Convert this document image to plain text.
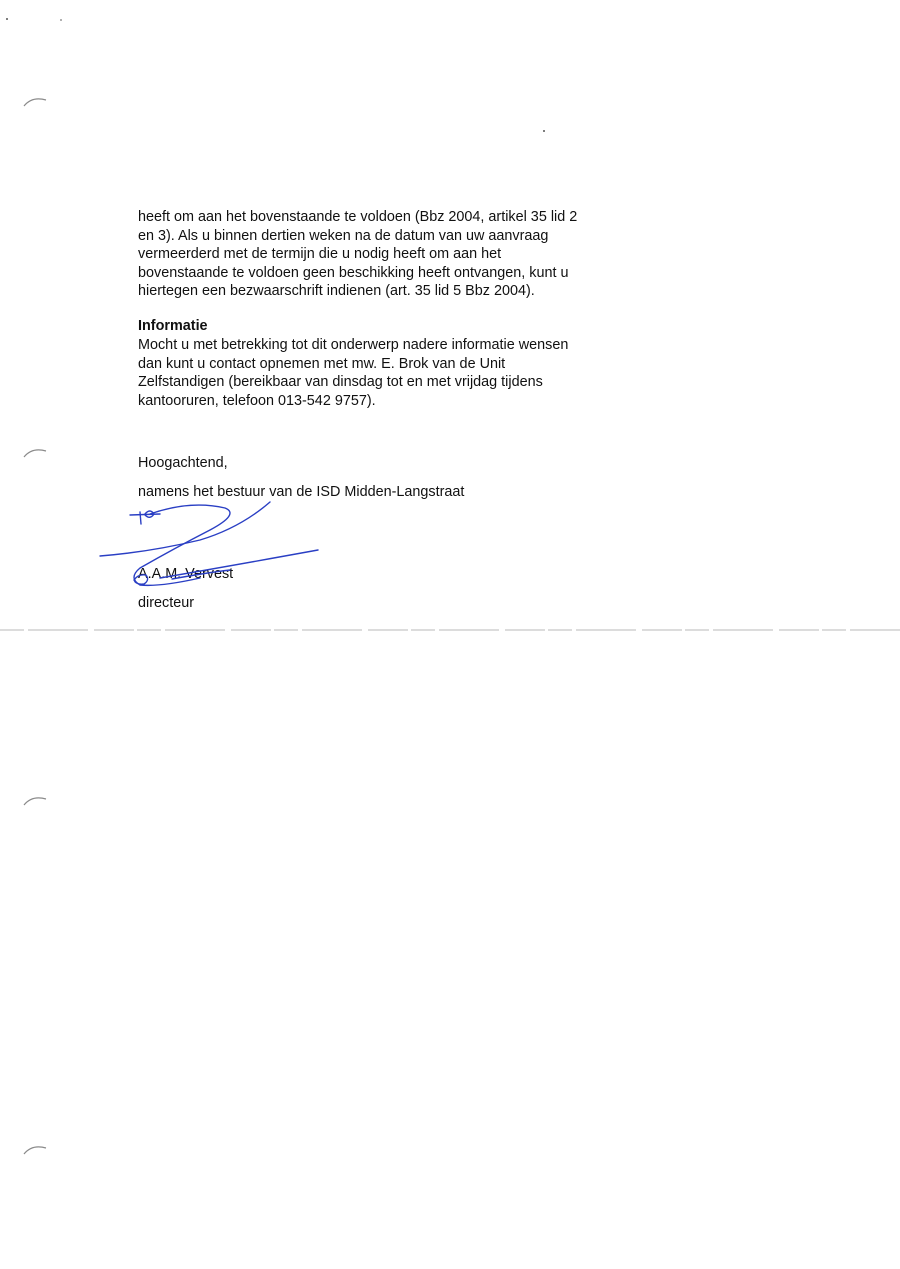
heeft om aan het bovenstaande te voldoen (Bbz 2004, artikel 35 lid 2
en 3). Als u binnen dertien weken na de datum van uw aanvraag
vermeerderd met de termijn die u nodig heeft om aan het
bovenstaande te voldoen geen beschikking heeft ontvangen, kunt u
hiertegen een bezwaarschrift indienen (art. 35 lid 5 Bbz 2004).
Informatie
Mocht u met betrekking tot dit onderwerp nadere informatie wensen
dan kunt u contact opnemen met mw. E. Brok van de Unit
Zelfstandigen (bereikbaar van dinsdag tot en met vrijdag tijdens
kantooruren, telefoon 013-542 9757).
Hoogachtend,
namens het bestuur van de ISD Midden-Langstraat
A.A.M. Vervest
directeur
